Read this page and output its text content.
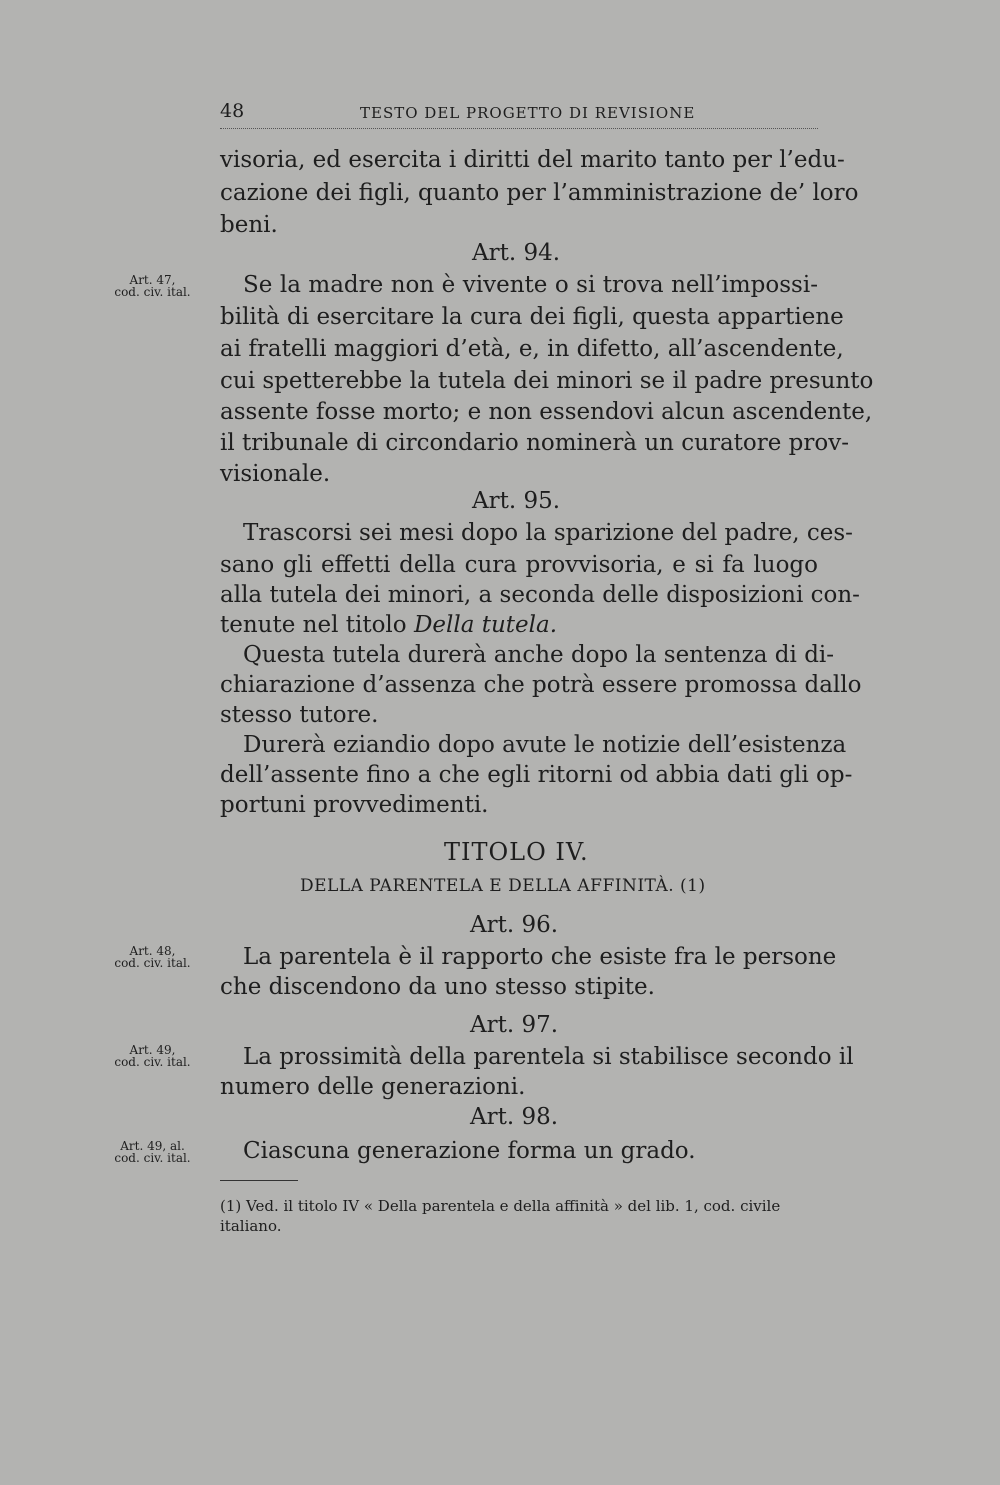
48	TESTO DEL PROGETTO DI REVISIONE
visoria, ed esercita i diritti del marito tanto per l’edu-
cazione dei figli, quanto per l’amministrazione de’ loro
beni.
Art. 94.
Art. 47,
cod. civ. ital.	Se la madre non è vivente o si trova nell’impossi-
bilità di esercitare la cura dei figli, questa appartiene
ai fratelli maggiori d’età, e, in difetto, all’ascendente,
cui spetterebbe la tutela dei minori se il padre presunto
assente fosse morto; e non essendovi alcun ascendente,
il tribunale di circondario nominerà un curatore prov-
visionale.
Art. 95.
Trascorsi sei mesi dopo la sparizione del padre, ces-
sano gli effetti della cura provvisoria, e si fa luogo
alla tutela dei minori, a seconda delle disposizioni con-
tenute nel titolo Della tutela.
Questa tutela durerà anche dopo la sentenza di di-
chiarazione d’assenza che potrà essere promossa dallo
stesso tutore.
Durerà eziandio dopo avute le notizie dell’esistenza
dell’assente fino a che egli ritorni od abbia dati gli op-
portuni provvedimenti.
TITOLO IV.
DELLA PARENTELA E DELLA AFFINITÀ. (1)
Art. 96.
Art. 48,
cod. civ. ital.	La parentela è il rapporto che esiste fra le persone
che discendono da uno stesso stipite.
Art. 97.
Art. 49,
cod. civ. ital.	La prossimità della parentela si stabilisce secondo il
numero delle generazioni.
Art. 98.
Art. 49, al.
cod. civ. ital.	Ciascuna generazione forma un grado.
(1) Ved. il titolo IV « Della parentela e della affinità » del lib. 1, cod. civile
italiano.
